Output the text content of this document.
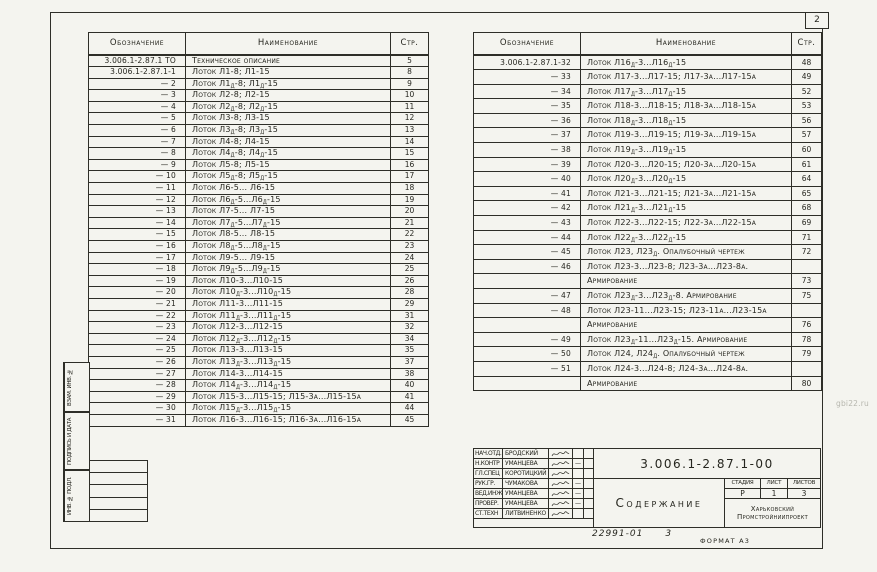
2
Обозначение	Наименование	Стр.
3.006.1-2.87.1 ТО	Техническое описание	5
3.006.1-2.87.1-1	Лоток Л1-8; Л1-15	8
— 2	Лоток $Л1_д-8$; $Л1_д-15$	9
— 3	Лоток Л2-8; Л2-15	10
— 4	Лоток $Л2_д-8$; $Л2_д-15$	11
— 5	Лоток Л3-8; Л3-15	12
— 6	Лоток $Л3_д-8$; $Л3_д-15$	13
— 7	Лоток Л4-8; Л4-15	14
— 8	Лоток $Л4_д-8$; $Л4_д-15$	15
— 9	Лоток Л5-8; Л5-15	16
— 10	Лоток $Л5_д-8$; $Л5_д-15$	17
— 11	Лоток Л6-5... Л6-15	18
— 12	Лоток $Л6_д-5...Л6_д-15$	19
— 13	Лоток Л7-5... Л7-15	20
— 14	Лоток $Л7_д-5...Л7_д-15$	21
— 15	Лоток Л8-5... Л8-15	22
— 16	Лоток $Л8_д-5...Л8_д-15$	23
— 17	Лоток Л9-5... Л9-15	24
— 18	Лоток $Л9_д-5...Л9_д-15$	25
— 19	Лоток Л10-3...Л10-15	26
— 20	Лоток $Л10_д-3...Л10_д-15$	28
— 21	Лоток Л11-3...Л11-15	29
— 22	Лоток $Л11_д-3...Л11_д-15$	31
— 23	Лоток Л12-3...Л12-15	32
— 24	Лоток $Л12_д-3...Л12_д-15$	34
— 25	Лоток Л13-3...Л13-15	35
— 26	Лоток $Л13_д-3...Л13_д-15$	37
— 27	Лоток Л14-3...Л14-15	38
— 28	Лоток $Л14_д-3...Л14_д-15$	40
— 29	Лоток Л15-3...Л15-15; Л15-3а...Л15-15а	41
— 30	Лоток $Л15_д-3...Л15_д-15$	44
— 31	Лоток Л16-3...Л16-15; Л16-3а...Л16-15а	45
Обозначение	Наименование	Стр.
3.006.1-2.87.1-32	Лоток $Л16_д-3...Л16_д-15$	48
— 33	Лоток Л17-3...Л17-15; Л17-3а...Л17-15а	49
— 34	Лоток $Л17_д-3...Л17_д-15$	52
— 35	Лоток Л18-3...Л18-15; Л18-3а...Л18-15а	53
— 36	Лоток $Л18_д-3...Л18_д-15$	56
— 37	Лоток Л19-3...Л19-15; Л19-3а...Л19-15а	57
— 38	Лоток $Л19_д-3...Л19_д-15$	60
— 39	Лоток Л20-3...Л20-15; Л20-3а...Л20-15а	61
— 40	Лоток $Л20_д-3...Л20_д-15$	64
— 41	Лоток Л21-3...Л21-15; Л21-3а...Л21-15а	65
— 42	Лоток $Л21_д-3...Л21_д-15$	68
— 43	Лоток Л22-3...Л22-15; Л22-3а...Л22-15а	69
— 44	Лоток $Л22_д-3...Л22_д-15$	71
— 45	Лоток Л23, $Л23_д$. Опалубочный чертеж	72
— 46	Лоток Л23-3...Л23-8; Л23-3а...Л23-8а.	
	Армирование	73
— 47	Лоток $Л23_д-3...Л23_д-8$. Армирование	75
— 48	Лоток Л23-11...Л23-15; Л23-11а...Л23-15а	
	Армирование	76
— 49	Лоток $Л23_д-11...Л23_д-15$. Армирование	78
— 50	Лоток Л24, $Л24_д$. Опалубочный чертеж	79
— 51	Лоток Л24-3...Л24-8; Л24-3а...Л24-8а.	
	Армирование	80
ВЗАМ. ИНВ. №
ПОДПИСЬ И ДАТА
ИНВ. № ПОДЛ.
НАЧ.ОТД. БРОДСКИЙ
Н.КОНТР УМАНЦЕВА	—
ГЛ.СПЕЦ КОРОТИЦКИЙ
РУК.ГР.	ЧУМАКОВА	—
ВЕД.ИНЖ УМАНЦЕВА	—
ПРОВЕР.	УМАНЦЕВА	—
СТ.ТЕХН	ЛИТВИНЕНКО
3.006.1-2.87.1-00
Содержание
СТАДИЯ	ЛИСТ	ЛИСТОВ
Р	1	3
Харьковский
Промстройниипроект
22991-01 3
ФОРМАТ А3
gbi22.ru
